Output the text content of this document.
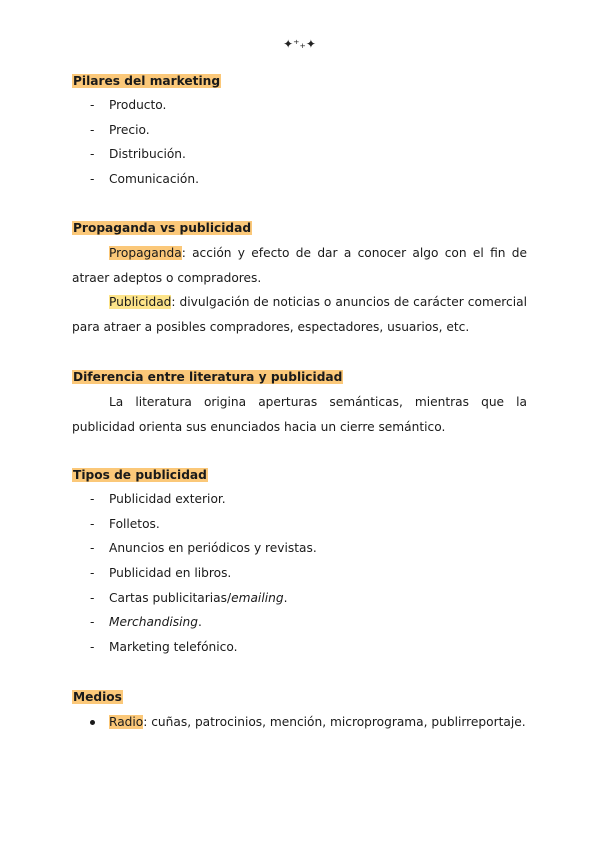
✦⁺₊✦
Pilares del marketing
- Producto.
- Precio.
- Distribución.
- Comunicación.
Propaganda vs publicidad

Propaganda: acción y efecto de dar a conocer algo con el fin de atraer adeptos o compradores.

Publicidad: divulgación de noticias o anuncios de carácter comercial para atraer a posibles compradores, espectadores, usuarios, etc.

Diferencia entre literatura y publicidad

La literatura origina aperturas semánticas, mientras que la publicidad orienta sus enunciados hacia un cierre semántico.

Tipos de publicidad
- Publicidad exterior.
- Folletos.
- Anuncios en periódicos y revistas.
- Publicidad en libros.
- Cartas publicitarias/emailing.
- Merchandising.
- Marketing telefónico.
Medios
Radio: cuñas, patrocinios, mención, microprograma, publirreportaje.
